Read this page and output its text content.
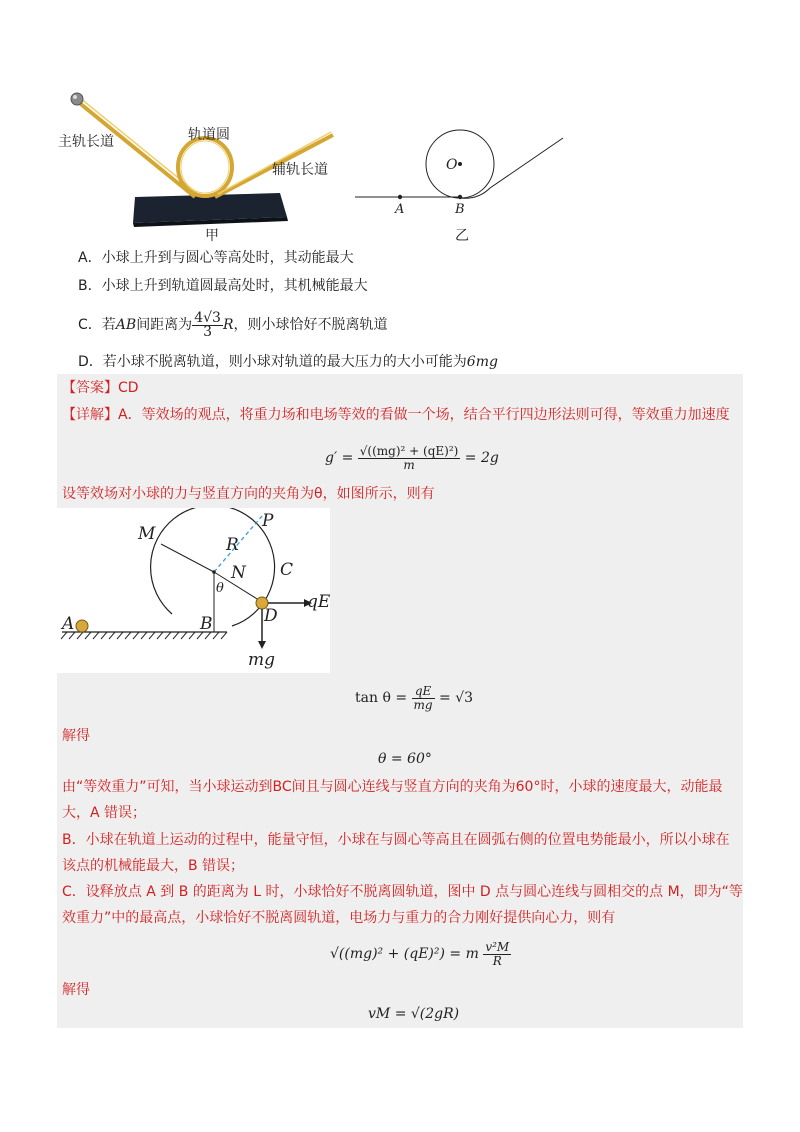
主轨长道	轨道圆
辅轨长道
甲
O
A	B
乙
A．小球上升到与圆心等高处时，其动能最大
B．小球上升到轨道圆最高处时，其机械能最大
C．若AB间距离为 $\frac{4√3}{3}$ R，则小球恰好不脱离轨道
D．若小球不脱离轨道，则小球对轨道的最大压力的大小可能为6mg
【答案】CD
【详解】A．等效场的观点，将重力场和电场等效的看做一个场，结合平行四边形法则可得，等效重力加速度
$g' = \frac{\text{√((mg)² + (qE)²)}}{m} = 2g$
设等效场对小球的力与竖直方向的夹角为θ，如图所示，则有
M
P
R
N C
θ
qE
D
A	B
mg
$\tan \theta = \frac{qE}{mg} = √3$
解得
θ = 60°
由“等效重力”可知，当小球运动到BC间且与圆心连线与竖直方向的夹角为60°时，小球的速度最大，动能最
大，A 错误；
B．小球在轨道上运动的过程中，能量守恒，小球在与圆心等高且在圆弧右侧的位置电势能最小，所以小球在
该点的机械能最大，B 错误；
C．设释放点 A 到 B 的距离为 L 时，小球恰好不脱离圆轨道，图中 D 点与圆心连线与圆相交的点 M，即为“等
效重力”中的最高点，小球恰好不脱离圆轨道，电场力与重力的合力刚好提供向心力，则有
√((mg)² + (qE)²) = m $\frac{\text{v²M}}{R}$
解得
vM = √(2gR)
